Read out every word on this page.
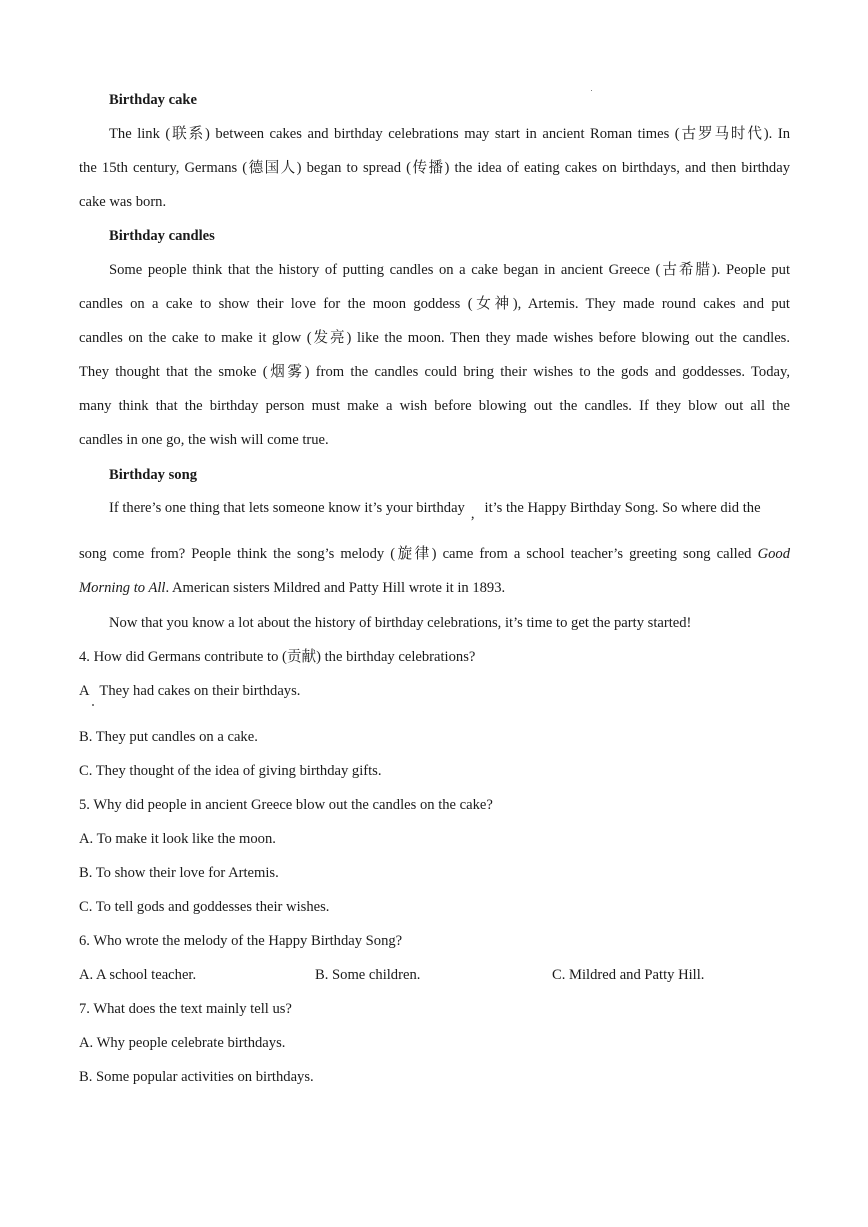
Birthday cake
The link (联系) between cakes and birthday celebrations may start in ancient Roman times (古罗马时代). In
the 15th century, Germans (德国人) began to spread (传播) the idea of eating cakes on birthdays, and then birthday
cake was born.
Birthday candles
Some people think that the history of putting candles on a cake began in ancient Greece (古希腊). People put
candles on a cake to show their love for the moon goddess (女神), Artemis. They made round cakes and put
candles on the cake to make it glow (发亮) like the moon. Then they made wishes before blowing out the candles.
They thought that the smoke (烟雾) from the candles could bring their wishes to the gods and goddesses. Today,
many think that the birthday person must make a wish before blowing out the candles. If they blow out all the
candles in one go, the wish will come true.
Birthday song
If there’s one thing that lets someone know it’s your birthday , it’s the Happy Birthday Song. So where did the
song come from? People think the song’s melody (旋律) came from a school teacher’s greeting song called Good
Morning to All. American sisters Mildred and Patty Hill wrote it in 1893.
Now that you know a lot about the history of birthday celebrations, it’s time to get the party started!
4. How did Germans contribute to (贡献) the birthday celebrations?
A   They had cakes on their birthdays.
B. They put candles on a cake.
C. They thought of the idea of giving birthday gifts.
5. Why did people in ancient Greece blow out the candles on the cake?
A. To make it look like the moon.
B. To show their love for Artemis.
C. To tell gods and goddesses their wishes.
6. Who wrote the melody of the Happy Birthday Song?
A. A school teacher.	B. Some children.	C. Mildred and Patty Hill.
7. What does the text mainly tell us?
A. Why people celebrate birthdays.
B. Some popular activities on birthdays.
